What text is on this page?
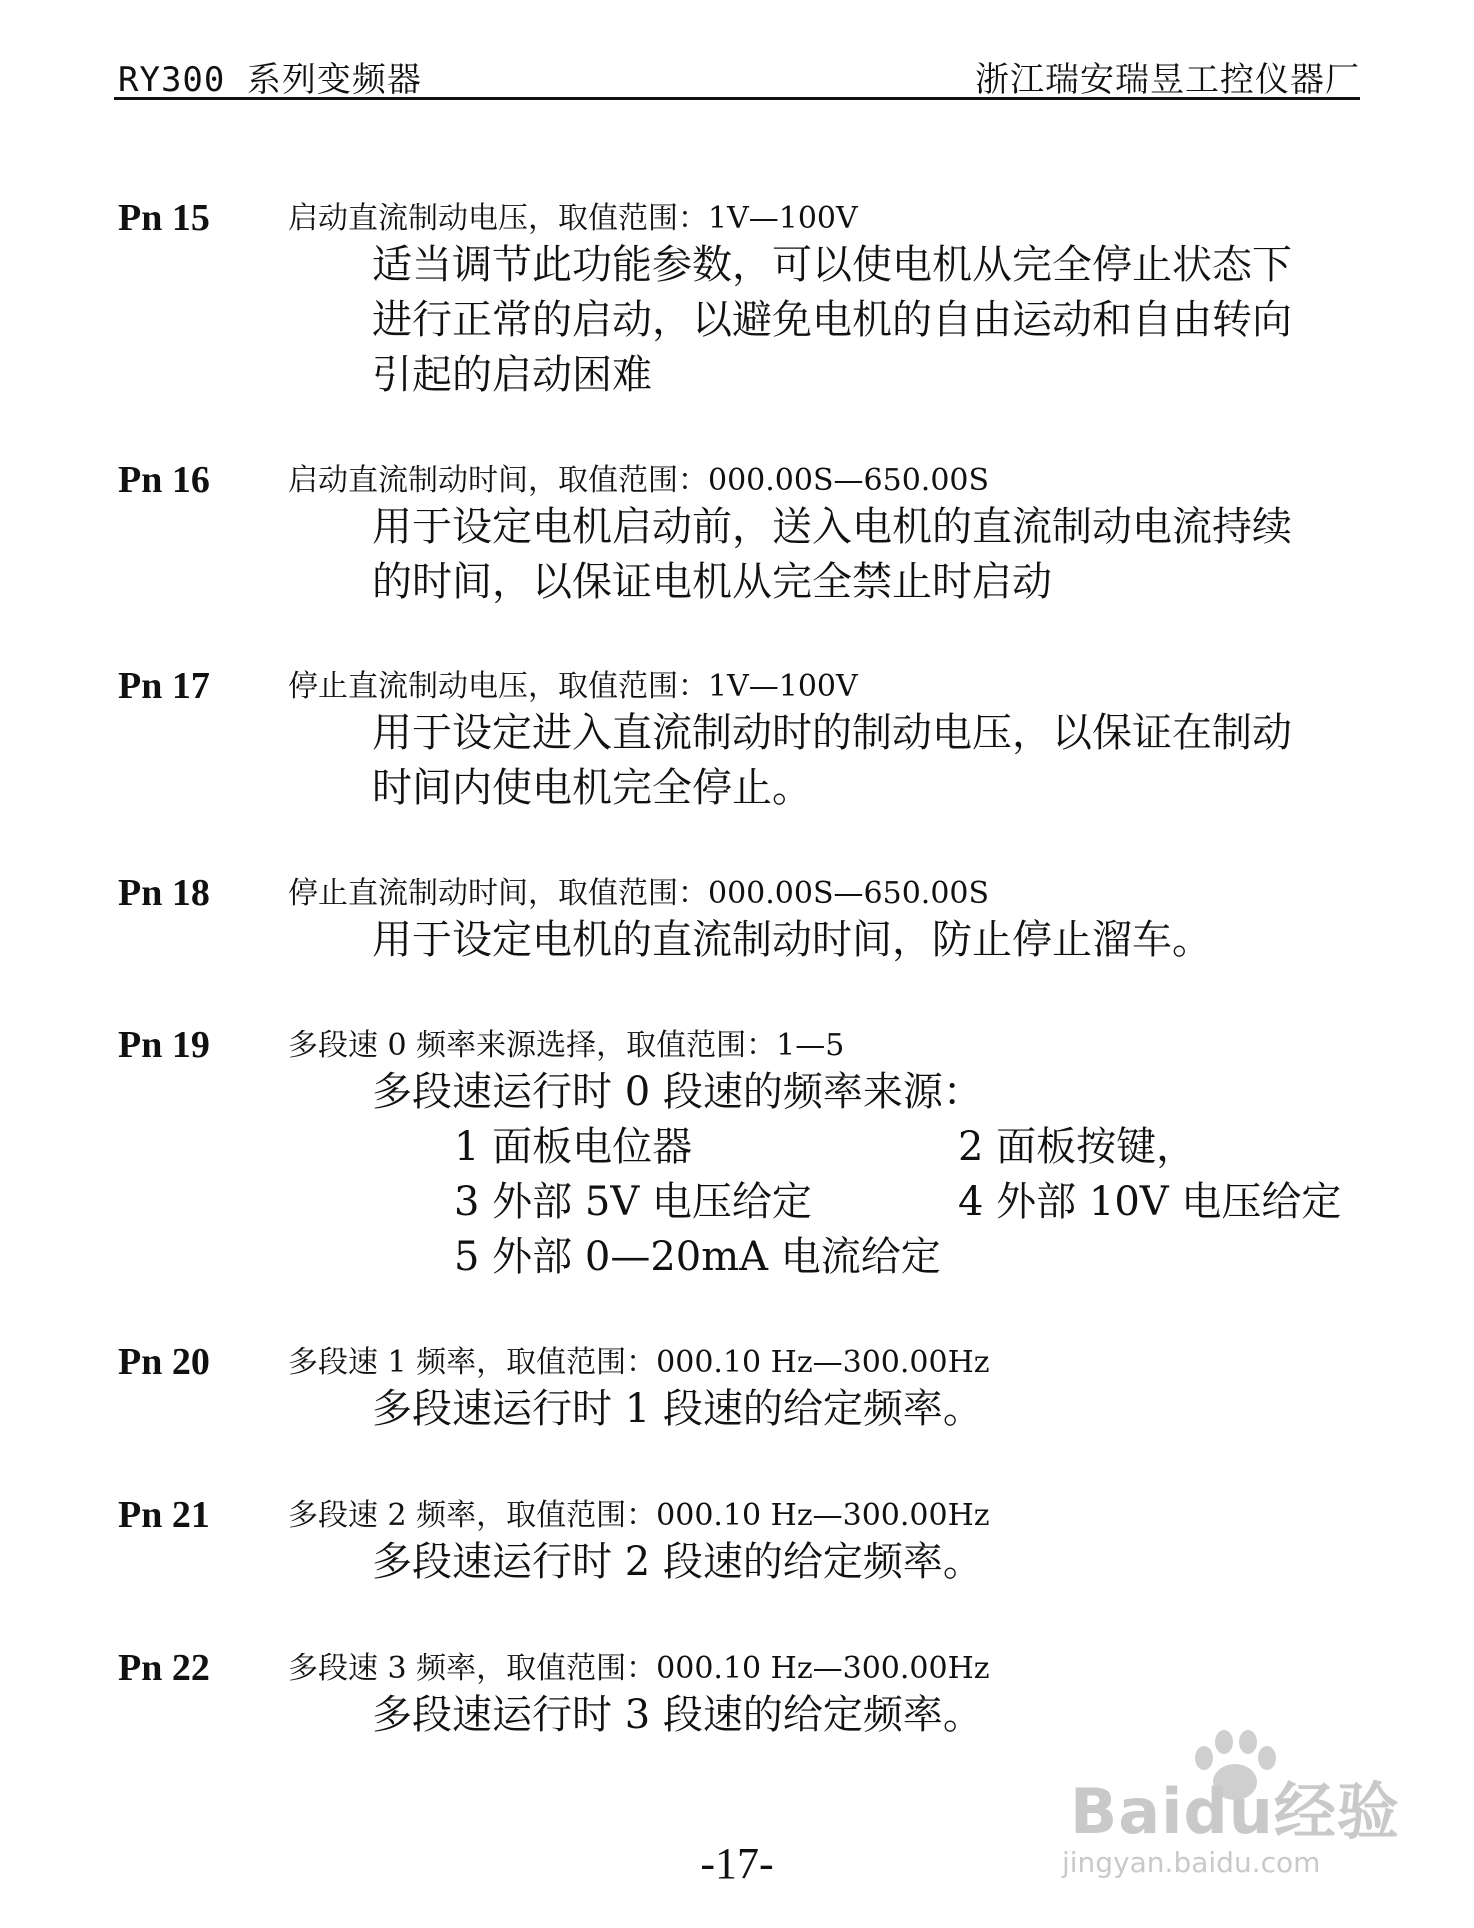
RY300 系列变频器	浙江瑞安瑞昱工控仪器厂
Pn 15	启动直流制动电压，取值范围：1V—100V
适当调节此功能参数，可以使电机从完全停止状态下
进行正常的启动，以避免电机的自由运动和自由转向
引起的启动困难
Pn 16	启动直流制动时间，取值范围：000.00S—650.00S
用于设定电机启动前，送入电机的直流制动电流持续
的时间，以保证电机从完全禁止时启动
Pn 17	停止直流制动电压，取值范围：1V—100V
用于设定进入直流制动时的制动电压，以保证在制动
时间内使电机完全停止。
Pn 18	停止直流制动时间，取值范围：000.00S—650.00S
用于设定电机的直流制动时间，防止停止溜车。
Pn 19	多段速 0 频率来源选择，取值范围：1—5
多段速运行时 0 段速的频率来源：
1 面板电位器	2 面板按键，
3 外部 5V 电压给定	4 外部 10V 电压给定
5 外部 0—20mA 电流给定
Pn 20	多段速 1 频率，取值范围：000.10 Hz—300.00Hz
多段速运行时 1 段速的给定频率。
Pn 21	多段速 2 频率，取值范围：000.10 Hz—300.00Hz
多段速运行时 2 段速的给定频率。
Pn 22	多段速 3 频率，取值范围：000.10 Hz—300.00Hz
多段速运行时 3 段速的给定频率。
Baidu经验
jingyan.baidu.com
-17-
